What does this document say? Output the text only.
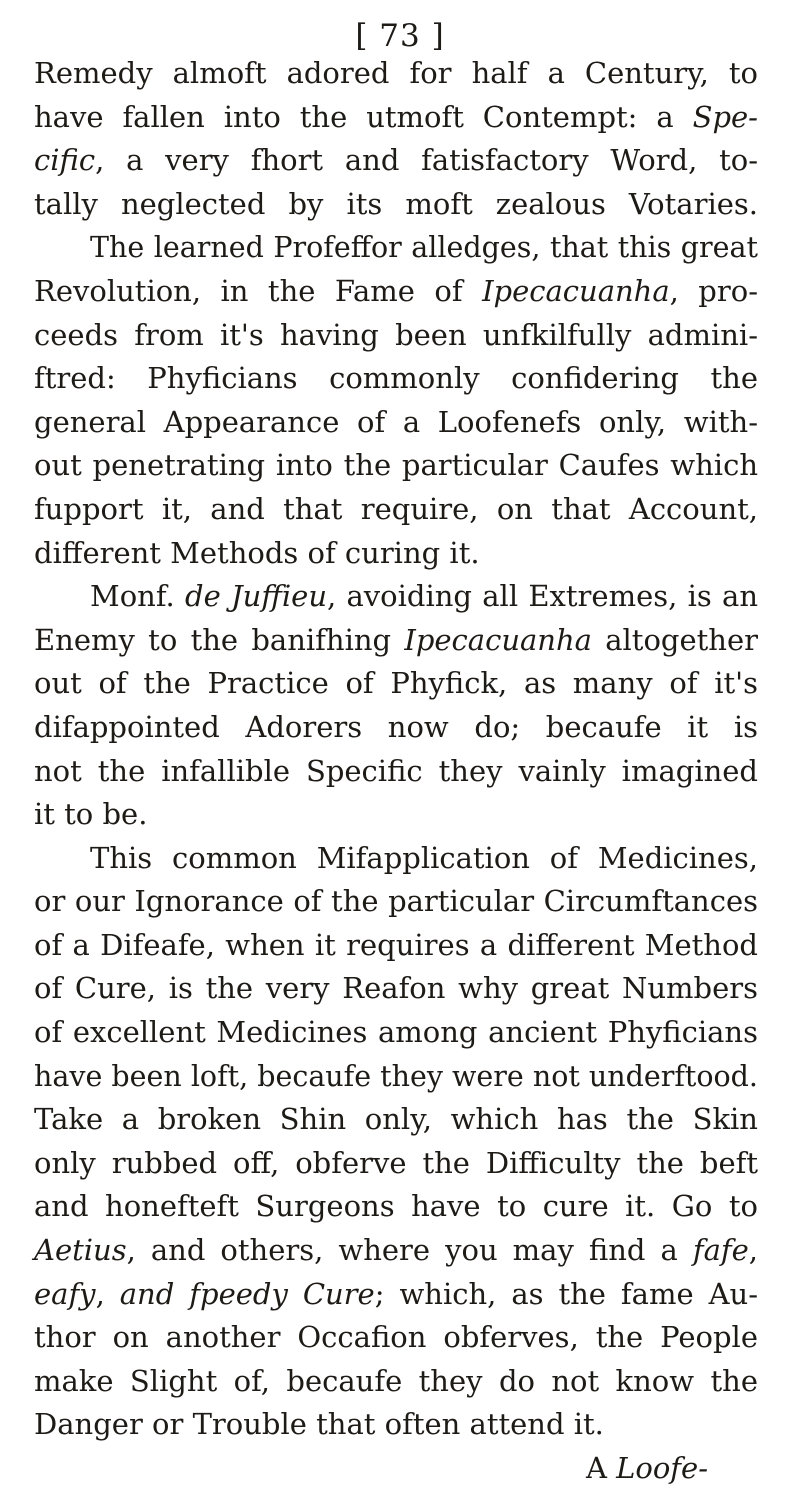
[ 73 ]
Remedy almoft adored for half a Century, to
have fallen into the utmoft Contempt: a Spe-
cific, a very fhort and fatisfactory Word, to-
tally neglected by its moft zealous Votaries.
The learned Profeffor alledges, that this great
Revolution, in the Fame of Ipecacuanha, pro-
ceeds from it's having been unfkilfully admini-
ftred: Phyficians commonly confidering the
general Appearance of a Loofenefs only, with-
out penetrating into the particular Caufes which
fupport it, and that require, on that Account,
different Methods of curing it.
Monf. de Juffieu, avoiding all Extremes, is an
Enemy to the banifhing Ipecacuanha altogether
out of the Practice of Phyfick, as many of it's
difappointed Adorers now do; becaufe it is
not the infallible Specific they vainly imagined
it to be.
This common Mifapplication of Medicines,
or our Ignorance of the particular Circumftances
of a Difeafe, when it requires a different Method
of Cure, is the very Reafon why great Numbers
of excellent Medicines among ancient Phyficians
have been loft, becaufe they were not underftood.
Take a broken Shin only, which has the Skin
only rubbed off, obferve the Difficulty the beft
and honefteft Surgeons have to cure it. Go to
Aetius, and others, where you may find a fafe,
eafy, and fpeedy Cure; which, as the fame Au-
thor on another Occafion obferves, the People
make Slight of, becaufe they do not know the
Danger or Trouble that often attend it.
A Loofe-
